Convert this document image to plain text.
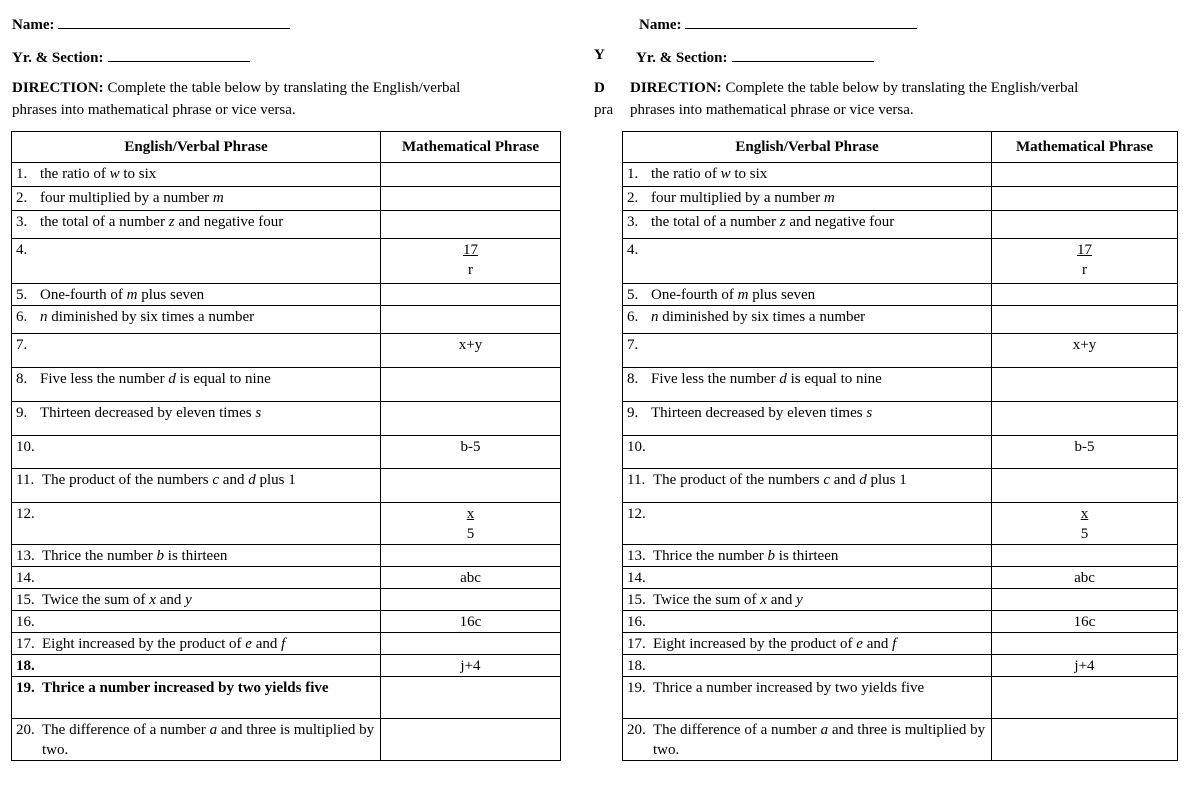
Name:
Yr. & Section:
DIRECTION: Complete the table below by translating the English/verbal
phrases into mathematical phrase or vice versa.
English/Verbal Phrase	Mathematical Phrase
1. the ratio of w to six	
2. four multiplied by a number m	
3. the total of a number z and negative four	
4.	$\frac{17}{r}$

5. One-fourth of m plus seven	
6. n diminished by six times a number	
7.	x+y
8. Five less the number d is equal to nine	
9. Thirteen decreased by eleven times s	
10.	b-5
11. The product of the numbers c and d plus 1	
12.	$\frac{x}{5}$

13. Thrice the number b is thirteen	
14.	abc
15. Twice the sum of x and y	
16.	16c
17. Eight increased by the product of e and f	
18.	j+4
19. Thrice a number increased by two yields five	
20. The difference of a number a and three is multiplied by two.	
Y
D
pra
Name:
Yr. & Section:
DIRECTION: Complete the table below by translating the English/verbal
phrases into mathematical phrase or vice versa.
English/Verbal Phrase	Mathematical Phrase
1. the ratio of w to six	
2. four multiplied by a number m	
3. the total of a number z and negative four	
4.	$\frac{17}{r}$

5. One-fourth of m plus seven	
6. n diminished by six times a number	
7.	x+y
8. Five less the number d is equal to nine	
9. Thirteen decreased by eleven times s	
10.	b-5
11. The product of the numbers c and d plus 1	
12.	$\frac{x}{5}$

13. Thrice the number b is thirteen	
14.	abc
15. Twice the sum of x and y	
16.	16c
17. Eight increased by the product of e and f	
18.	j+4
19. Thrice a number increased by two yields five	
20. The difference of a number a and three is multiplied by two.	
